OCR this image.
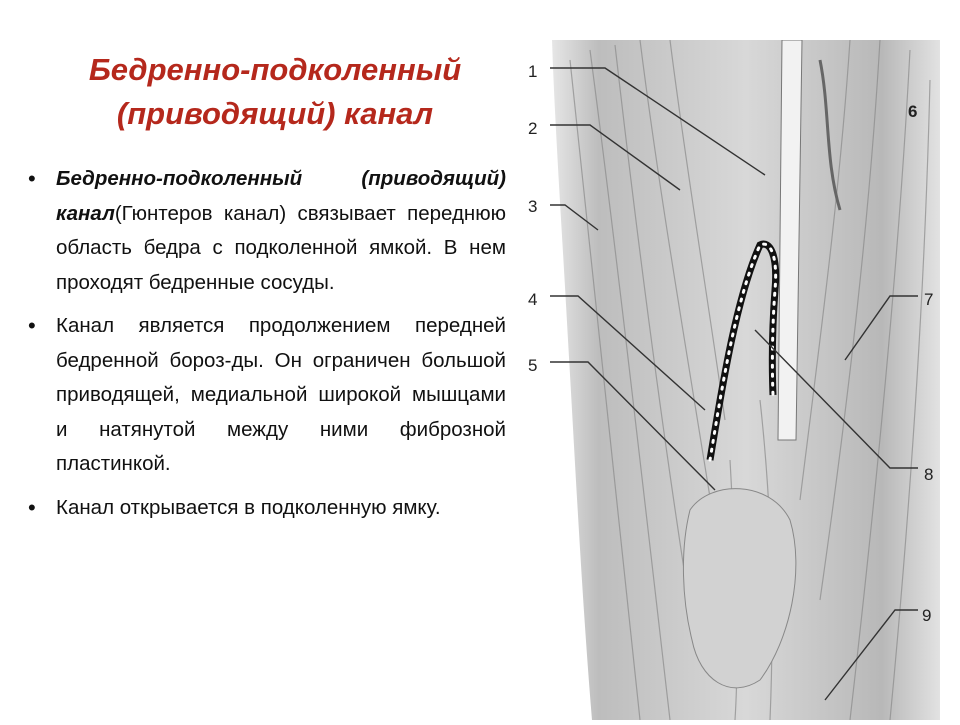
Бедренно-подколенный
(приводящий) канал
• Бедренно-подколенный (приводящий) канал(Гюнтеров канал) связывает переднюю область бедра с подколенной ямкой. В нем проходят бедренные сосуды.
• Канал является продолжением передней бедренной бороз-ды. Он ограничен большой приводящей, медиальной широкой мышцами и натянутой между ними фиброзной пластинкой.
• Канал открывается в подколенную ямку.
1
2
3
4
5
6
7
8
9
